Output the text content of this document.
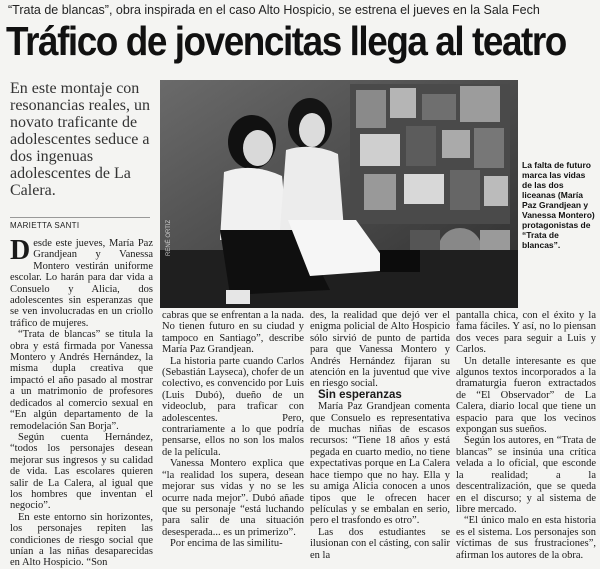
“Trata de blancas”, obra inspirada en el caso Alto Hospicio, se estrena el jueves en la Sala Fech
Tráfico de jovencitas llega al teatro
En este montaje con resonancias reales, un novato traficante de adolescentes seduce a dos ingenuas adolescentes de La Calera.
MARIETTA SANTI	RENÉ ORTIZ
La falta de futuro marca las vidas de las dos liceanas (María Paz Grandjean y Vanessa Montero) protagonistas de “Trata de blancas”.

Desde este jueves, María Paz Grandjean y Vanessa Montero vestirán uniforme escolar. Lo harán para dar vida a Consuelo y Alicia, dos adolescentes sin esperanzas que se ven involucradas en un criollo tráfico de mujeres.

“Trata de blancas” se titula la obra y está firmada por Vanessa Montero y Andrés Hernández, la misma dupla creativa que impactó el año pasado al mostrar a un matrimonio de profesores dedicados al comercio sexual en “En algún departamento de la remodelación San Borja”.

Según cuenta Hernández, “todos los personajes desean mejorar sus ingresos y su calidad de vida. Las escolares quieren salir de La Calera, al igual que los hombres que inventan el negocio”.

En este entorno sin horizontes, los personajes repiten las condiciones de riesgo social que unían a las niñas desaparecidas en Alto Hospicio. “Son

cabras que se enfrentan a la nada. No tienen futuro en su ciudad y tampoco en Santiago”, describe María Paz Grandjean.

La historia parte cuando Carlos (Sebastián Layseca), chofer de un colectivo, es convencido por Luis (Luis Dubó), dueño de un videoclub, para traficar con adolescentes. Pero, contrariamente a lo que podría pensarse, ellos no son los malos de la película.

Vanessa Montero explica que “la realidad los supera, desean mejorar sus vidas y no se les ocurre nada mejor”. Dubó añade que su personaje “está luchando para salir de una situación desesperada... es un primerizo”.

Por encima de las similitu-

des, la realidad que dejó ver el enigma policial de Alto Hospicio sólo sirvió de punto de partida para que Vanessa Montero y Andrés Hernández fijaran su atención en la juventud que vive en riesgo social.

Sin esperanzas

María Paz Grandjean comenta que Consuelo es representativa de muchas niñas de escasos recursos: “Tiene 18 años y está pegada en cuarto medio, no tiene expectativas porque en La Calera hace tiempo que no hay. Ella y su amiga Alicia conocen a unos tipos que le ofrecen hacer películas y se embalan en serio, pero el trasfondo es otro”.

Las dos estudiantes se ilusionan con el cásting, con salir en la

pantalla chica, con el éxito y la fama fáciles. Y así, no lo piensan dos veces para seguir a Luis y Carlos.

Un detalle interesante es que algunos textos incorporados a la dramaturgia fueron extractados de “El Observador” de La Calera, diario local que tiene un espacio para que los vecinos expongan sus sueños.

Según los autores, en “Trata de blancas” se insinúa una crítica velada a lo oficial, que esconde la realidad; a la descentralización, que se queda en el discurso; y al sistema de libre mercado.

“El único malo en esta historia es el sistema. Los personajes son víctimas de sus frustraciones”, afirman los autores de la obra.
